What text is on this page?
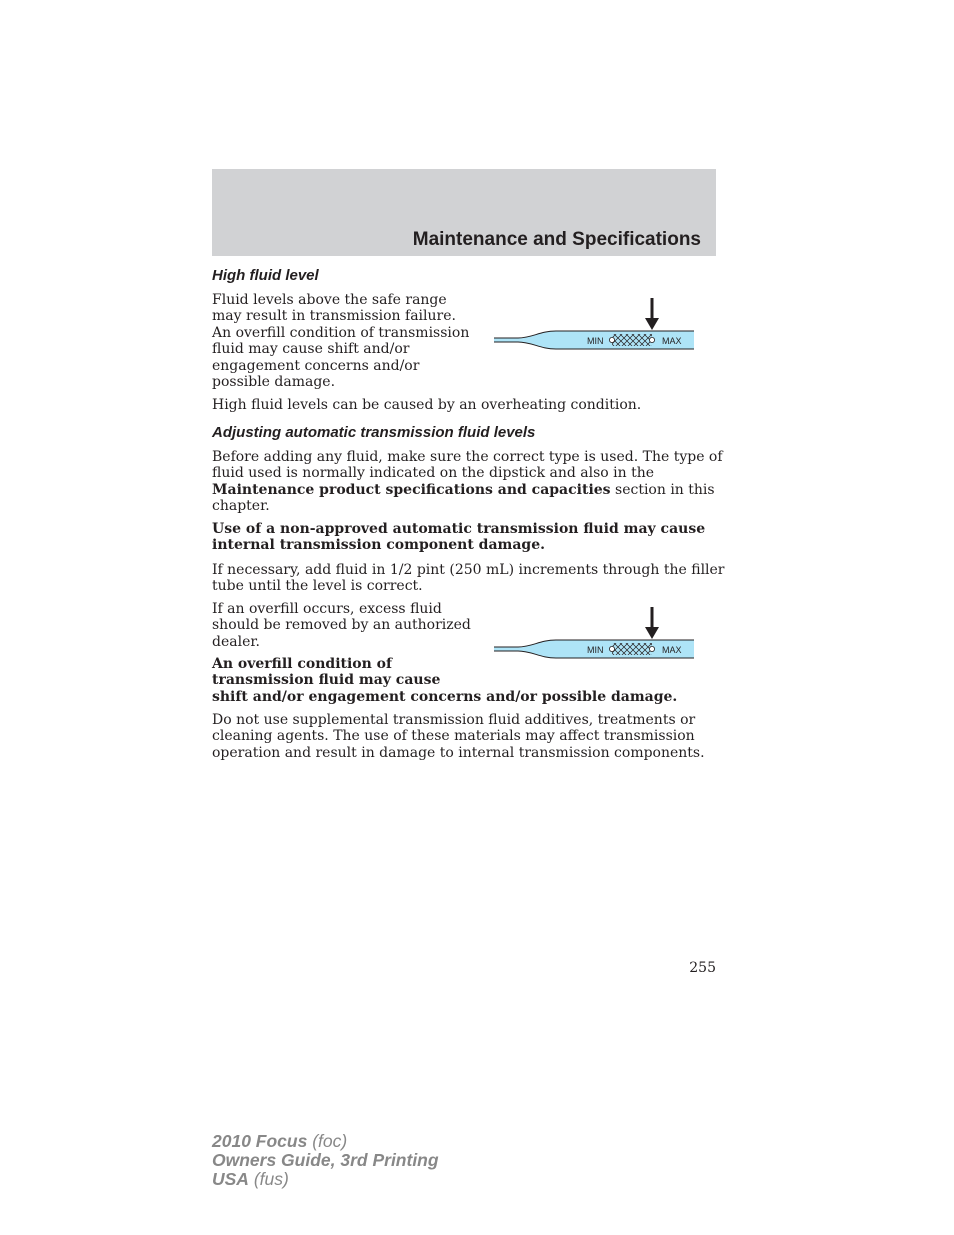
Maintenance and Specifications
High fluid level

Fluid levels above the safe range
may result in transmission failure.
An overfill condition of transmission
fluid may cause shift and/or
engagement concerns and/or
possible damage.

MIN	MAX

High fluid levels can be caused by an overheating condition.

Adjusting automatic transmission fluid levels

Before adding any fluid, make sure the correct type is used. The type of
fluid used is normally indicated on the dipstick and also in the
Maintenance product specifications and capacities section in this
chapter.

Use of a non-approved automatic transmission fluid may cause
internal transmission component damage.

If necessary, add fluid in 1/2 pint (250 mL) increments through the filler
tube until the level is correct.

If an overfill occurs, excess fluid
should be removed by an authorized
dealer.

MIN	MAX

An overfill condition of
transmission fluid may cause
shift and/or engagement concerns and/or possible damage.

Do not use supplemental transmission fluid additives, treatments or
cleaning agents. The use of these materials may affect transmission
operation and result in damage to internal transmission components.

255

2010 Focus (foc)
Owners Guide, 3rd Printing
USA (fus)
